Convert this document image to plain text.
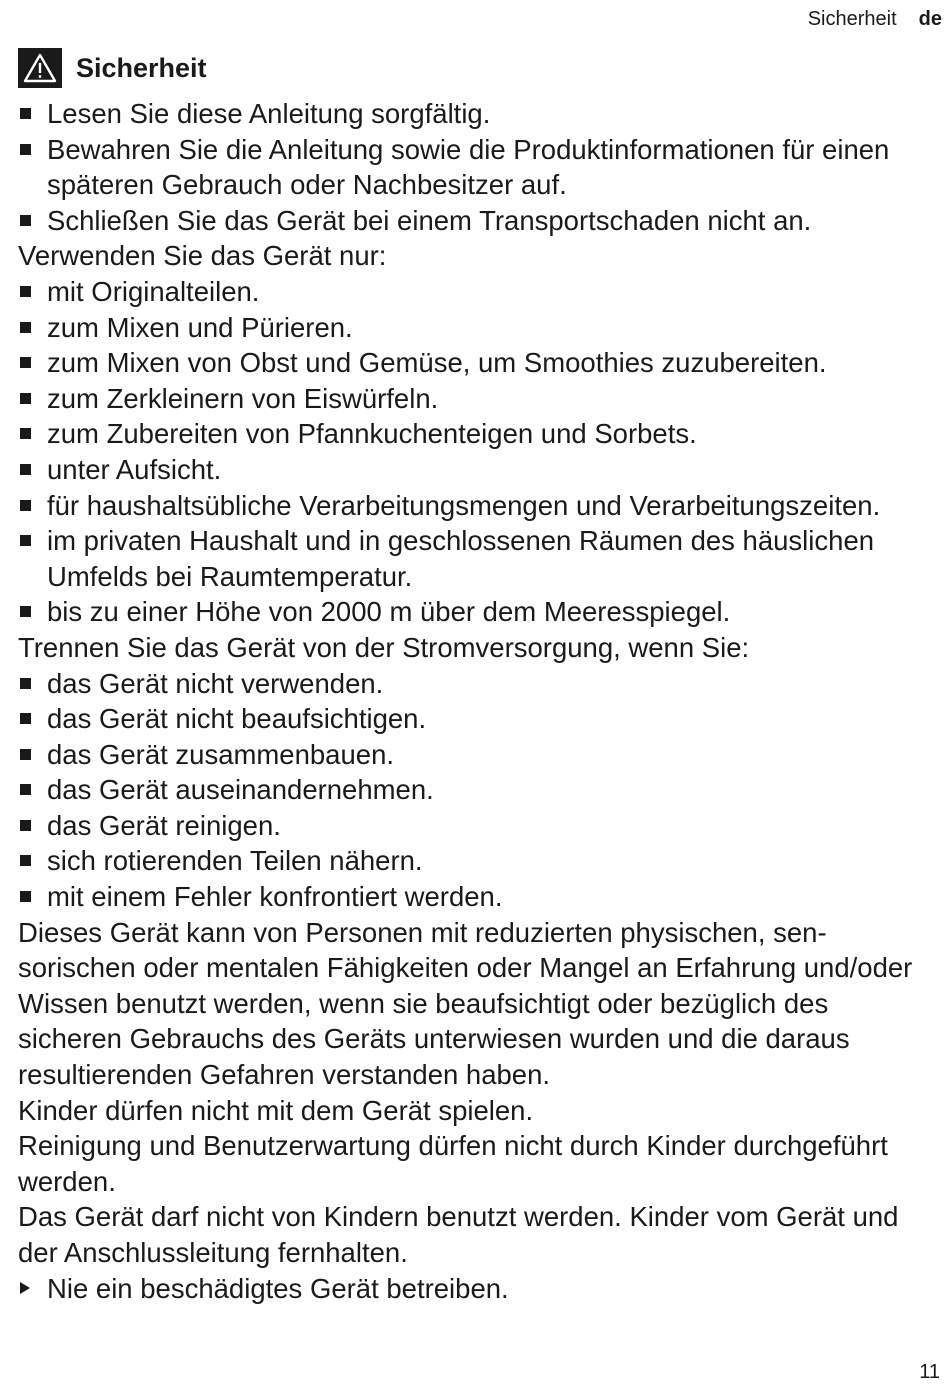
Sicherheit de
Sicherheit
Lesen Sie diese Anleitung sorgfältig.
Bewahren Sie die Anleitung sowie die Produktinformationen für einen späteren Gebrauch oder Nachbesitzer auf.
Schließen Sie das Gerät bei einem Transportschaden nicht an.

Verwenden Sie das Gerät nur:

mit Originalteilen.
zum Mixen und Pürieren.
zum Mixen von Obst und Gemüse, um Smoothies zuzubereiten.
zum Zerkleinern von Eiswürfeln.
zum Zubereiten von Pfannkuchenteigen und Sorbets.
unter Aufsicht.
für haushaltsübliche Verarbeitungsmengen und Verarbeitungszeiten.
im privaten Haushalt und in geschlossenen Räumen des häuslichen Umfelds bei Raumtemperatur.
bis zu einer Höhe von 2000 m über dem Meeresspiegel.

Trennen Sie das Gerät von der Stromversorgung, wenn Sie:

das Gerät nicht verwenden.
das Gerät nicht beaufsichtigen.
das Gerät zusammenbauen.
das Gerät auseinandernehmen.
das Gerät reinigen.
sich rotierenden Teilen nähern.
mit einem Fehler konfrontiert werden.

Dieses Gerät kann von Personen mit reduzierten physischen, sensorischen oder mentalen Fähigkeiten oder Mangel an Erfahrung und/oder Wissen benutzt werden, wenn sie beaufsichtigt oder bezüglich des sicheren Gebrauchs des Geräts unterwiesen wurden und die daraus resultierenden Gefahren verstanden haben.

Kinder dürfen nicht mit dem Gerät spielen.

Reinigung und Benutzerwartung dürfen nicht durch Kinder durchgeführt werden.

Das Gerät darf nicht von Kindern benutzt werden. Kinder vom Gerät und der Anschlussleitung fernhalten.

Nie ein beschädigtes Gerät betreiben.
11
